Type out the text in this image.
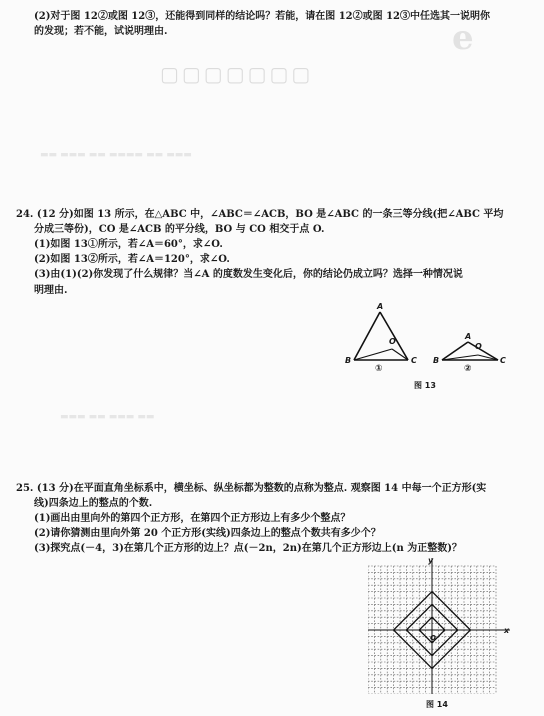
e
▢▢▢▢▢▢▢
▬▬ ▬▬▬ ▬▬ ▬▬▬▬ ▬▬ ▬▬▬
▬▬▬ ▬▬ ▬▬▬ ▬▬
(2)对于图 12②或图 12③，还能得到同样的结论吗？若能，请在图 12②或图 12③中任选其一说明你
的发现；若不能，试说明理由.
24. (12 分)如图 13 所示，在△ABC 中，∠ABC＝∠ACB，BO 是∠ABC 的一条三等分线(把∠ABC 平均
分成三等份)，CO 是∠ACB 的平分线，BO 与 CO 相交于点 O.
(1)如图 13①所示，若∠A＝60°，求∠O.
(2)如图 13②所示，若∠A＝120°，求∠O.
(3)由(1)(2)你发现了什么规律？当∠A 的度数发生变化后，你的结论仍成立吗？选择一种情况说
明理由.
A
B	C
O
①
A
B	C
O
②
图 13
25. (13 分)在平面直角坐标系中，横坐标、纵坐标都为整数的点称为整点. 观察图 14 中每一个正方形(实
线)四条边上的整点的个数.
(1)画出由里向外的第四个正方形，在第四个正方形边上有多少个整点？
(2)请你猜测由里向外第 20 个正方形(实线)四条边上的整点个数共有多少个？
(3)探究点(－4，3)在第几个正方形的边上？点(－2n，2n)在第几个正方形边上(n 为正整数)？
y
x
O
图 14
